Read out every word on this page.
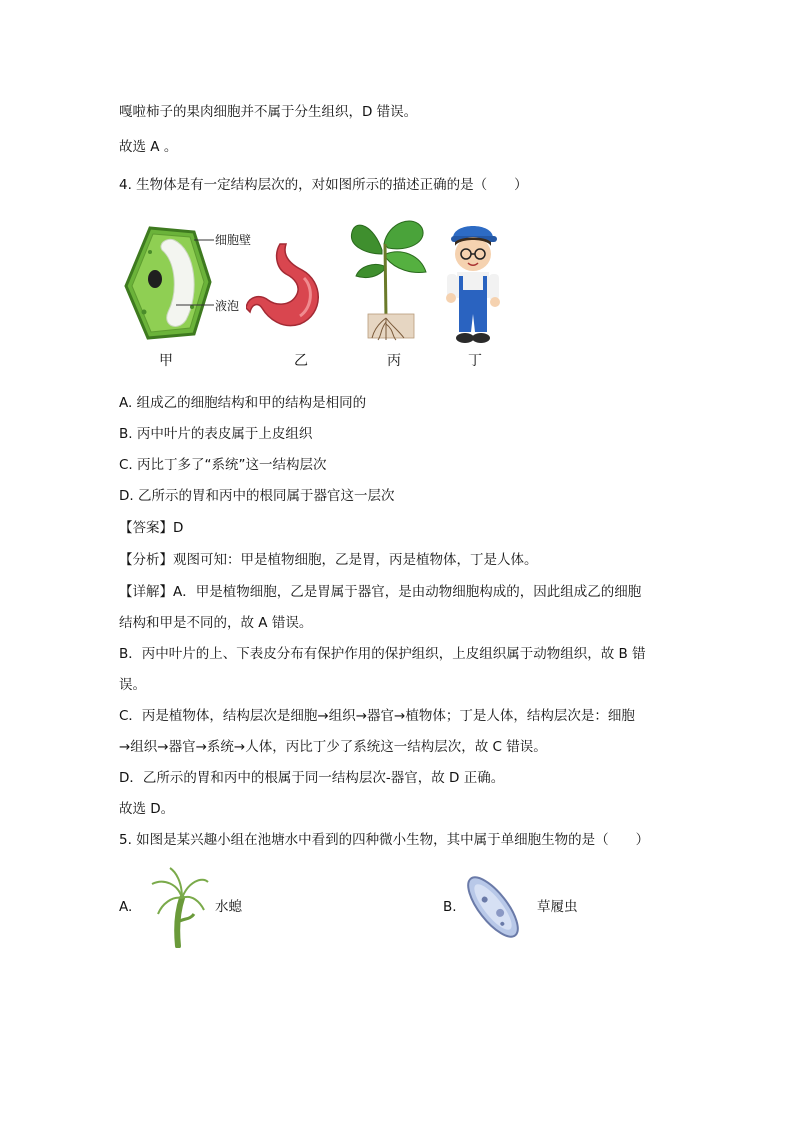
嘎啦柿子的果肉细胞并不属于分生组织，D 错误。
故选 A 。
4. 生物体是有一定结构层次的，对如图所示的描述正确的是（　　）
细胞壁
液泡
甲	乙	丙	丁
A. 组成乙的细胞结构和甲的结构是相同的
B. 丙中叶片的表皮属于上皮组织
C. 丙比丁多了“系统”这一结构层次
D. 乙所示的胃和丙中的根同属于器官这一层次
【答案】D
【分析】观图可知：甲是植物细胞，乙是胃，丙是植物体，丁是人体。
【详解】A．甲是植物细胞，乙是胃属于器官，是由动物细胞构成的，因此组成乙的细胞
结构和甲是不同的，故 A 错误。
B．丙中叶片的上、下表皮分布有保护作用的保护组织，上皮组织属于动物组织，故 B 错
误。
C．丙是植物体，结构层次是细胞→组织→器官→植物体；丁是人体，结构层次是：细胞
→组织→器官→系统→人体，丙比丁少了系统这一结构层次，故 C 错误。
D．乙所示的胃和丙中的根属于同一结构层次-器官，故 D 正确。
故选 D。
5. 如图是某兴趣小组在池塘水中看到的四种微小生物，其中属于单细胞生物的是（　　）
A.	水螅	B.	草履虫
